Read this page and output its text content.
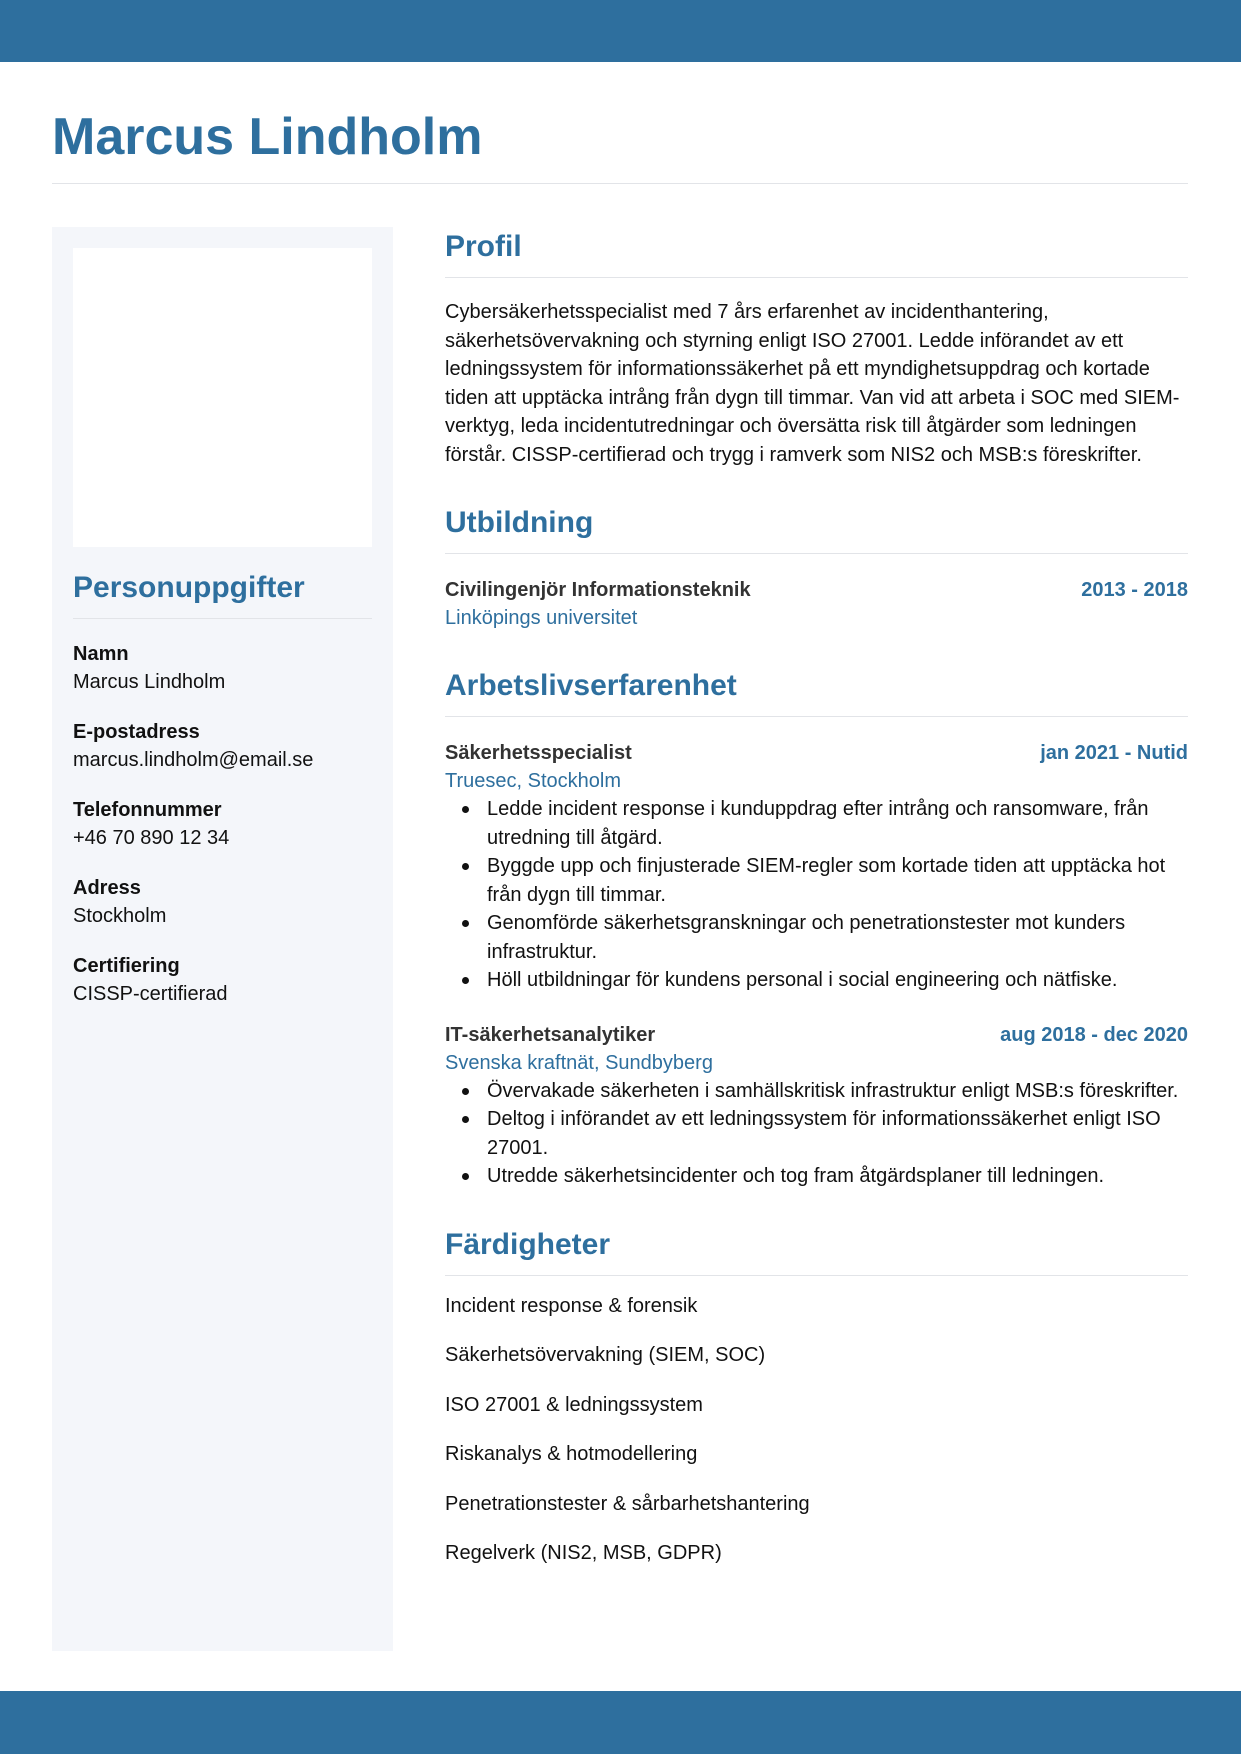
Marcus Lindholm
Personuppgifter
Namn
Marcus Lindholm
E-postadress
marcus.lindholm@email.se
Telefonnummer
+46 70 890 12 34
Adress
Stockholm
Certifiering
CISSP-certifierad
Profil

Cybersäkerhetsspecialist med 7 års erfarenhet av incidenthantering, säkerhetsövervakning och styrning enligt ISO 27001. Ledde införandet av ett ledningssystem för informationssäkerhet på ett myndighetsuppdrag och kortade tiden att upptäcka intrång från dygn till timmar. Van vid att arbeta i SOC med SIEM-verktyg, leda incidentutredningar och översätta risk till åtgärder som ledningen förstår. CISSP-certifierad och trygg i ramverk som NIS2 och MSB:s föreskrifter.

Utbildning
Civilingenjör Informationsteknik	2013 - 2018
Linköpings universitet
Arbetslivserfarenhet
Säkerhetsspecialist	jan 2021 - Nutid
Truesec, Stockholm
Ledde incident response i kunduppdrag efter intrång och ransomware, från utredning till åtgärd.
Byggde upp och finjusterade SIEM-regler som kortade tiden att upptäcka hot från dygn till timmar.
Genomförde säkerhetsgranskningar och penetrationstester mot kunders infrastruktur.
Höll utbildningar för kundens personal i social engineering och nätfiske.
IT-säkerhetsanalytiker	aug 2018 - dec 2020
Svenska kraftnät, Sundbyberg
Övervakade säkerheten i samhällskritisk infrastruktur enligt MSB:s föreskrifter.
Deltog i införandet av ett ledningssystem för informationssäkerhet enligt ISO 27001.
Utredde säkerhetsincidenter och tog fram åtgärdsplaner till ledningen.
Färdigheter
Incident response & forensik
Säkerhetsövervakning (SIEM, SOC)
ISO 27001 & ledningssystem
Riskanalys & hotmodellering
Penetrationstester & sårbarhetshantering
Regelverk (NIS2, MSB, GDPR)
